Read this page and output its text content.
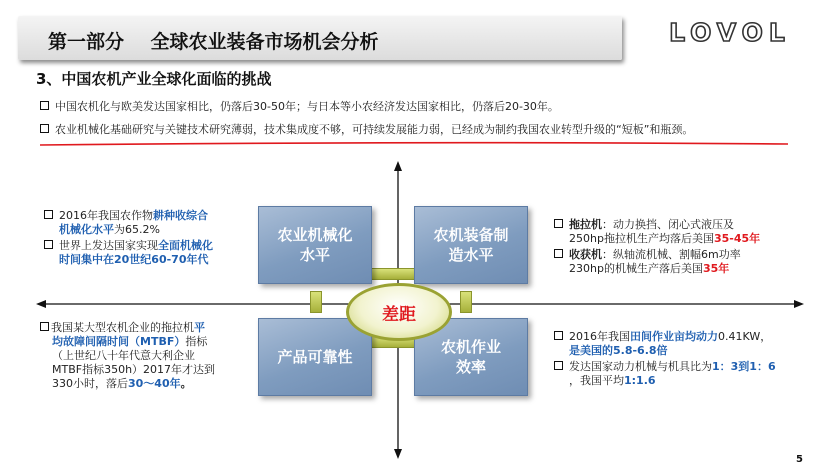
第一部分    全球农业装备市场机会分析	LOVOL
3、中国农机产业全球化面临的挑战
中国农机化与欧美发达国家相比，仍落后30-50年；与日本等小农经济发达国家相比，仍落后20-30年。
农业机械化基础研究与关键技术研究薄弱，技术集成度不够，可持续发展能力弱，已经成为制约我国农业转型升级的“短板”和瓶颈。
农业机械化
水平
农机装备制
造水平
产品可靠性
农机作业
效率
差距
2016年我国农作物耕种收综合
机械化水平为65.2%
世界上发达国家实现全面机械化
时间集中在20世纪60-70年代
我国某大型农机企业的拖拉机平
均故障间隔时间（MTBF）指标
（上世纪八十年代意大利企业
MTBF指标350h）2017年才达到
330小时，落后30～40年。
拖拉机：动力换挡、闭心式液压及
250hp拖拉机生产均落后美国35-45年
收获机：纵轴流机械、割幅6m功率
230hp的机械生产落后美国35年
2016年我国田间作业亩均动力0.41KW，
是美国的5.8-6.8倍
发达国家动力机械与机具比为1：3到1：6
，我国平均1:1.6
5
